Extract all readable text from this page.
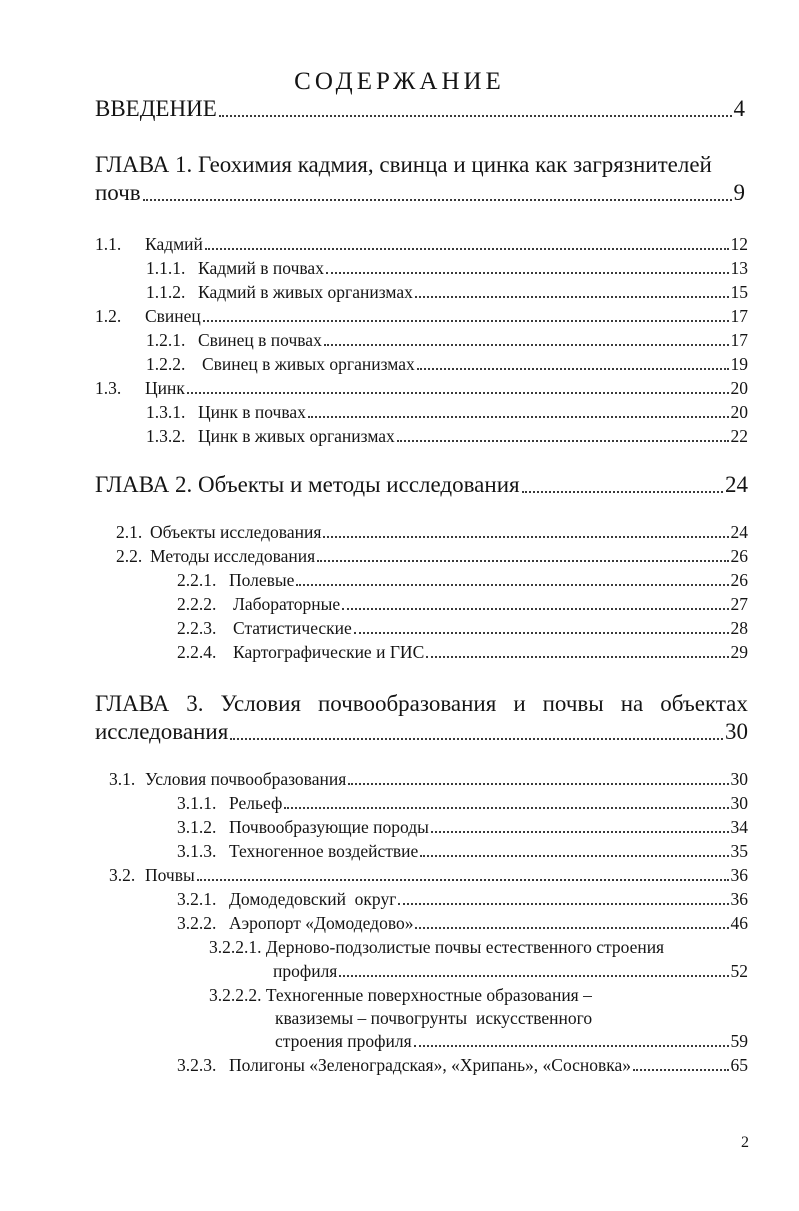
СОДЕРЖАНИЕ
ВВЕДЕНИЕ	4
ГЛАВА 1. Геохимия кадмия, свинца и цинка как загрязнителей
почв	9
1.1.	Кадмий	12
1.1.1. Кадмий в почвах	13
1.1.2. Кадмий в живых организмах	15
1.2.	Свинец	17
1.2.1. Свинец в почвах	17
1.2.2. Свинец в живых организмах	19
1.3.	Цинк	20
1.3.1. Цинк в почвах	20
1.3.2. Цинк в живых организмах	22
ГЛАВА 2. Объекты и методы исследования	24
2.1. Объекты исследования	24
2.2. Методы исследования	26
2.2.1. Полевые	26
2.2.2. Лабораторные	27
2.2.3. Статистические	28
2.2.4. Картографические и ГИС	29
ГЛАВА 3. Условия почвообразования и почвы на объектах
исследования	30
3.1. Условия почвообразования	30
3.1.1. Рельеф	30
3.1.2. Почвообразующие породы	34
3.1.3. Техногенное воздействие	35
3.2. Почвы	36
3.2.1. Домодедовский  округ	36
3.2.2. Аэропорт «Домодедово»	46
3.2.2.1. Дерново-подзолистые почвы естественного строения
профиля	52
3.2.2.2. Техногенные поверхностные образования –
квазиземы – почвогрунты  искусственного
строения профиля	59
3.2.3. Полигоны «Зеленоградская», «Хрипань», «Сосновка»	65
2
